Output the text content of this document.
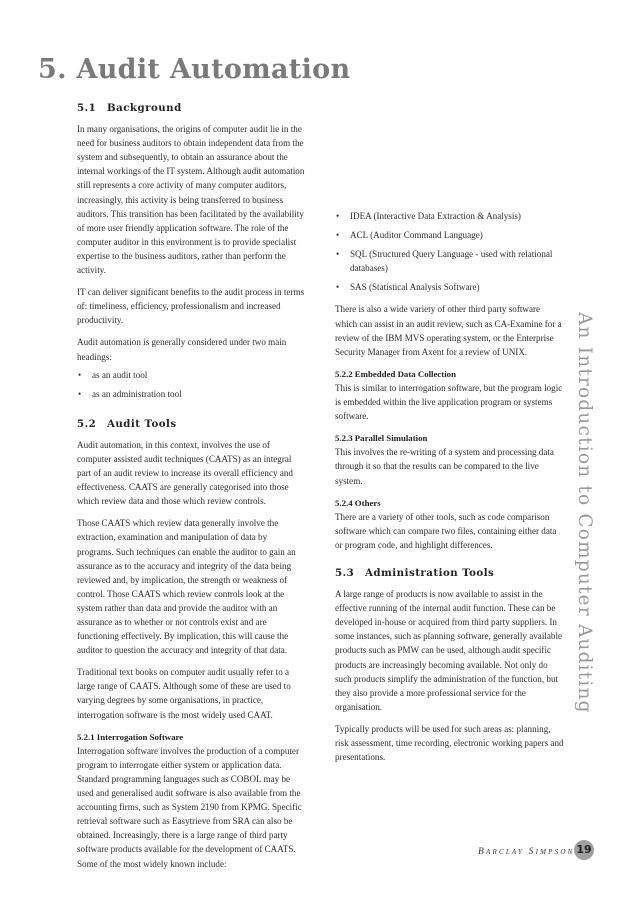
5. Audit Automation
5.1 Background

In many organisations, the origins of computer audit lie in the need for business auditors to obtain independent data from the system and subsequently, to obtain an assurance about the internal workings of the IT system. Although audit automation still represents a core activity of many computer auditors, increasingly, this activity is being transferred to business auditors. This transition has been facilitated by the availability of more user friendly application software. The role of the computer auditor in this environment is to provide specialist expertise to the business auditors, rather than perform the activity.

IT can deliver significant benefits to the audit process in terms of: timeliness, efficiency, professionalism and increased productivity.

Audit automation is generally considered under two main headings:

• as an audit tool
• as an administration tool
5.2 Audit Tools

Audit automation, in this context, involves the use of computer assisted audit techniques (CAATS) as an integral part of an audit review to increase its overall efficiency and effectiveness. CAATS are generally categorised into those which review data and those which review controls.

Those CAATS which review data generally involve the extraction, examination and manipulation of data by programs. Such techniques can enable the auditor to gain an assurance as to the accuracy and integrity of the data being reviewed and, by implication, the strength or weakness of control. Those CAATS which review controls look at the system rather than data and provide the auditor with an assurance as to whether or not controls exist and are functioning effectively. By implication, this will cause the auditor to question the accuracy and integrity of that data.

Traditional text books on computer audit usually refer to a large range of CAATS. Although some of these are used to varying degrees by some organisations, in practice, interrogation software is the most widely used CAAT.

5.2.1 Interrogation Software

Interrogation software involves the production of a computer program to interrogate either system or application data. Standard programming languages such as COBOL may be used and generalised audit software is also available from the accounting firms, such as System 2190 from KPMG. Specific retrieval software such as Easytrieve from SRA can also be obtained. Increasingly, there is a large range of third party software products available for the development of CAATS. Some of the most widely known include:

• IDEA (Interactive Data Extraction & Analysis)
• ACL (Auditor Command Language)
• SQL (Structured Query Language - used with relational databases)
• SAS (Statistical Analysis Software)

There is also a wide variety of other third party software which can assist in an audit review, such as CA-Examine for a review of the IBM MVS operating system, or the Enterprise Security Manager from Axent for a review of UNIX.

5.2.2 Embedded Data Collection

This is similar to interrogation software, but the program logic is embedded within the live application program or systems software.

5.2.3 Parallel Simulation

This involves the re-writing of a system and processing data through it so that the results can be compared to the live system.

5.2.4 Others

There are a variety of other tools, such as code comparison software which can compare two files, containing either data or program code, and highlight differences.

5.3 Administration Tools

A large range of products is now available to assist in the effective running of the internal audit function. These can be developed in-house or acquired from third party suppliers. In some instances, such as planning software, generally available products such as PMW can be used, although audit specific products are increasingly becoming available. Not only do such products simplify the administration of the function, but they also provide a more professional service for the organisation.

Typically products will be used for such areas as: planning, risk assessment, time recording, electronic working papers and presentations.

An Introduction to Computer Auditing
Barclay Simpson 19
